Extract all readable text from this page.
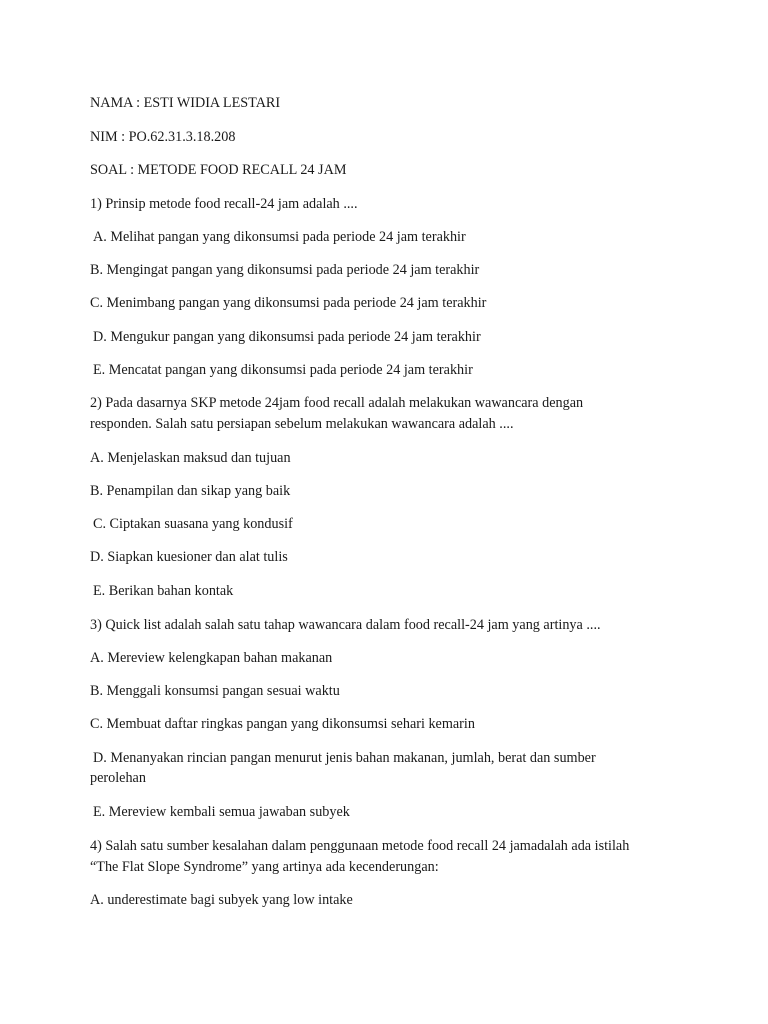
NAMA : ESTI WIDIA LESTARI
NIM : PO.62.31.3.18.208
SOAL : METODE FOOD RECALL 24 JAM
1) Prinsip metode food recall-24 jam adalah ....
A. Melihat pangan yang dikonsumsi pada periode 24 jam terakhir
B. Mengingat pangan yang dikonsumsi pada periode 24 jam terakhir
C. Menimbang pangan yang dikonsumsi pada periode 24 jam terakhir
D. Mengukur pangan yang dikonsumsi pada periode 24 jam terakhir
E. Mencatat pangan yang dikonsumsi pada periode 24 jam terakhir
2) Pada dasarnya SKP metode 24jam food recall adalah melakukan wawancara dengan
responden. Salah satu persiapan sebelum melakukan wawancara adalah ....
A. Menjelaskan maksud dan tujuan
B. Penampilan dan sikap yang baik
C. Ciptakan suasana yang kondusif
D. Siapkan kuesioner dan alat tulis
E. Berikan bahan kontak
3) Quick list adalah salah satu tahap wawancara dalam food recall-24 jam yang artinya ....
A. Mereview kelengkapan bahan makanan
B. Menggali konsumsi pangan sesuai waktu
C. Membuat daftar ringkas pangan yang dikonsumsi sehari kemarin
D. Menanyakan rincian pangan menurut jenis bahan makanan, jumlah, berat dan sumber
perolehan
E. Mereview kembali semua jawaban subyek
4) Salah satu sumber kesalahan dalam penggunaan metode food recall 24 jamadalah ada istilah
“The Flat Slope Syndrome” yang artinya ada kecenderungan:
A. underestimate bagi subyek yang low intake
